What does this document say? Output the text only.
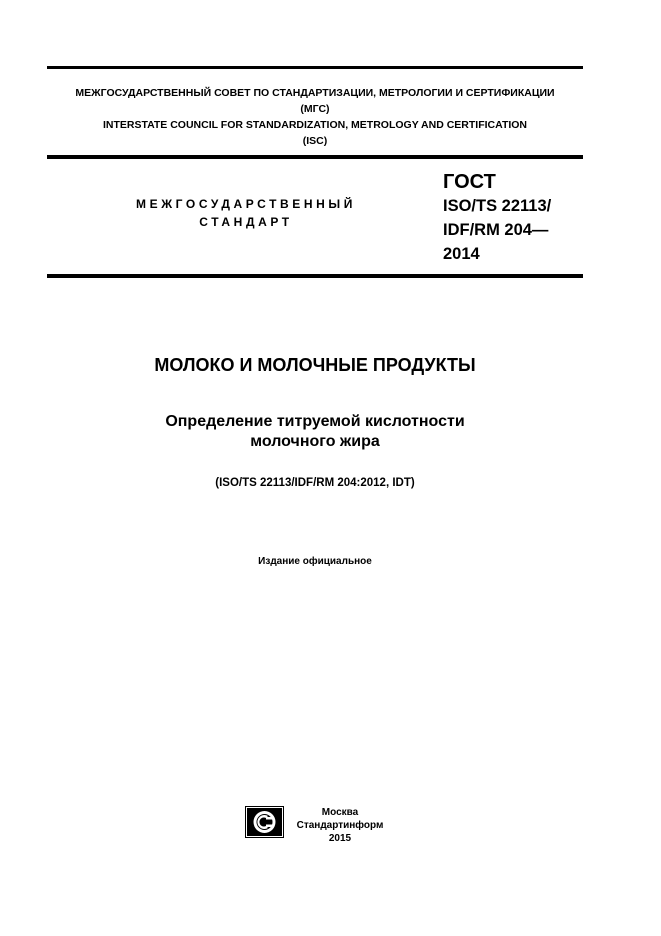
МЕЖГОСУДАРСТВЕННЫЙ СОВЕТ ПО СТАНДАРТИЗАЦИИ, МЕТРОЛОГИИ И СЕРТИФИКАЦИИ
(МГС)
INTERSTATE COUNCIL FOR STANDARDIZATION, METROLOGY AND CERTIFICATION
(ISC)
МЕЖГОСУДАРСТВЕННЫЙ
СТАНДАРТ
ГОСТ
ISO/TS 22113/
IDF/RM 204—
2014
МОЛОКО И МОЛОЧНЫЕ ПРОДУКТЫ
Определение титруемой кислотности
молочного жира
(ISO/TS 22113/IDF/RM 204:2012, IDT)
Издание официальное
Москва
Стандартинформ
2015
